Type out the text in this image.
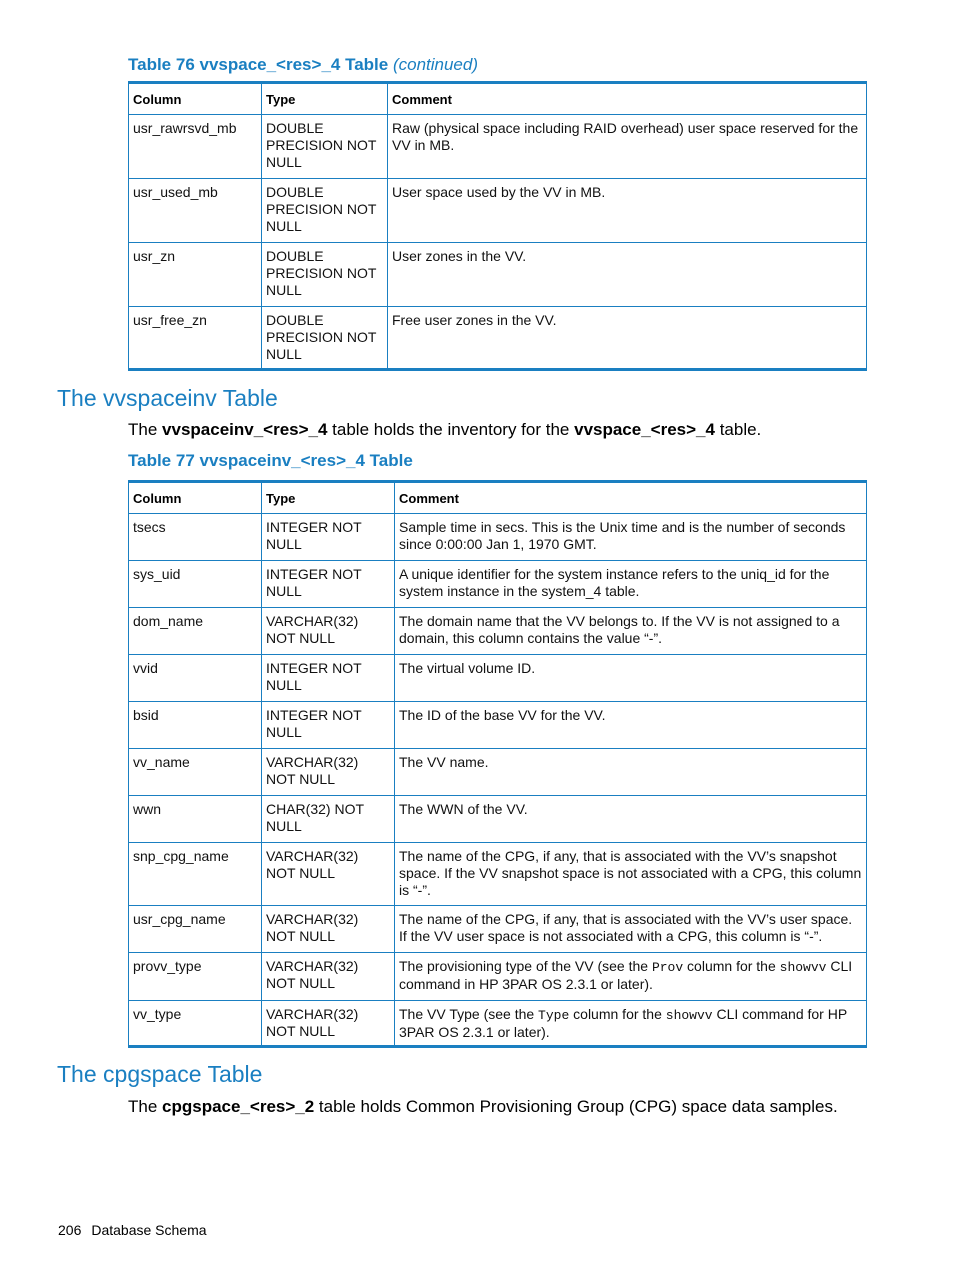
Table 76 vvspace_<res>_4 Table (continued)
Column	Type	Comment
usr_rawrsvd_mb	DOUBLE PRECISION NOT NULL	Raw (physical space including RAID overhead) user space reserved for the VV in MB.
usr_used_mb	DOUBLE PRECISION NOT NULL	User space used by the VV in MB.
usr_zn	DOUBLE PRECISION NOT NULL	User zones in the VV.
usr_free_zn	DOUBLE PRECISION NOT NULL	Free user zones in the VV.
The vvspaceinv Table
The vvspaceinv_<res>_4 table holds the inventory for the vvspace_<res>_4 table.
Table 77 vvspaceinv_<res>_4 Table
Column	Type	Comment
tsecs	INTEGER NOT NULL	Sample time in secs. This is the Unix time and is the number of seconds since 0:00:00 Jan 1, 1970 GMT.
sys_uid	INTEGER NOT NULL	A unique identifier for the system instance refers to the uniq_id for the system instance in the system_4 table.
dom_name	VARCHAR(32) NOT NULL	The domain name that the VV belongs to. If the VV is not assigned to a domain, this column contains the value “-”.
vvid	INTEGER NOT NULL	The virtual volume ID.
bsid	INTEGER NOT NULL	The ID of the base VV for the VV.
vv_name	VARCHAR(32) NOT NULL	The VV name.
wwn	CHAR(32) NOT NULL	The WWN of the VV.
snp_cpg_name	VARCHAR(32) NOT NULL	The name of the CPG, if any, that is associated with the VV’s snapshot space. If the VV snapshot space is not associated with a CPG, this column is “-”.
usr_cpg_name	VARCHAR(32) NOT NULL	The name of the CPG, if any, that is associated with the VV’s user space. If the VV user space is not associated with a CPG, this column is “-”.
provv_type	VARCHAR(32) NOT NULL	The provisioning type of the VV (see the Prov column for the showvv CLI command in HP 3PAR OS 2.3.1 or later).
vv_type	VARCHAR(32) NOT NULL	The VV Type (see the Type column for the showvv CLI command for HP 3PAR OS 2.3.1 or later).
The cpgspace Table
The cpgspace_<res>_2 table holds Common Provisioning Group (CPG) space data samples.
206 Database Schema
